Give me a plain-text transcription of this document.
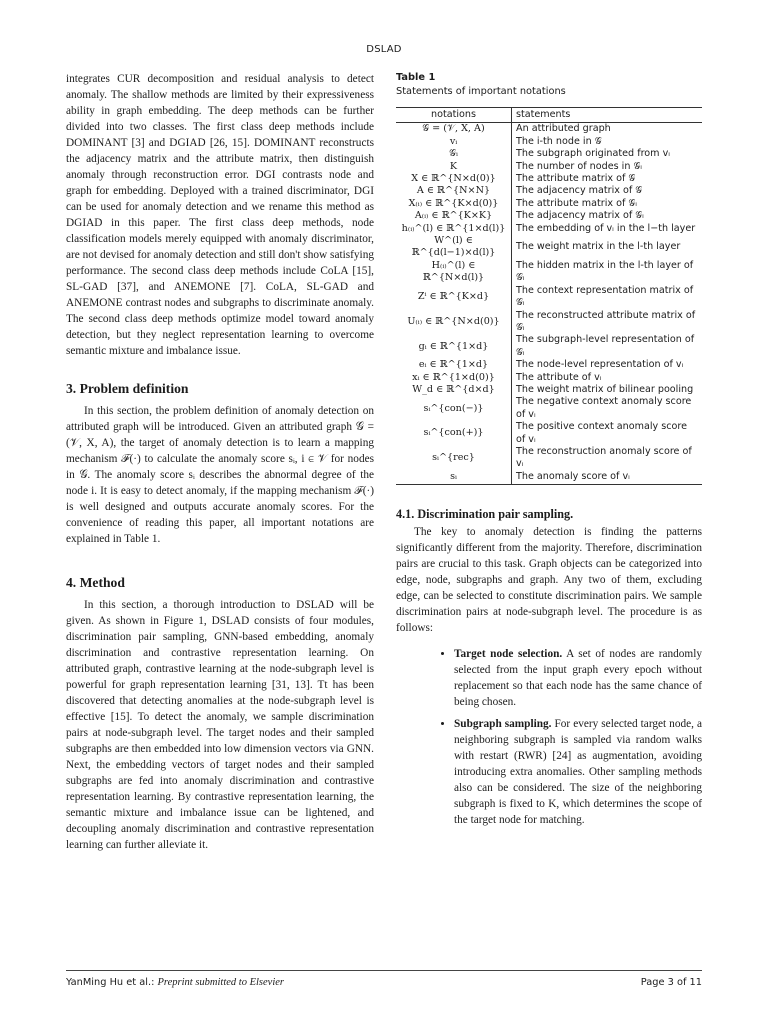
DSLAD

integrates CUR decomposition and residual analysis to detect anomaly. The shallow methods are limited by their expressiveness ability in graph embedding. The deep methods can be further divided into two classes. The first class deep methods include DOMINANT [3] and DGIAD [26, 15]. DOMINANT reconstructs the adjacency matrix and the attribute matrix, then distinguish anomaly through reconstruction error. DGI contrasts node and graph for embedding. Deployed with a trained discriminator, DGI can be used for anomaly detection and we rename this method as DGIAD in this paper. The first class deep methods, node classification models merely equipped with anomaly discriminator, are not devised for anomaly detection and still don't show satisfying performance. The second class deep methods include CoLA [15], SL-GAD [37], and ANEMONE [7]. CoLA, SL-GAD and ANEMONE contrast nodes and subgraphs to discriminate anomaly. The second class deep methods optimize model toward anomaly detection, but they neglect representation learning to overcome semantic mixture and imbalance issue.

3. Problem definition

In this section, the problem definition of anomaly detection on attributed graph will be introduced. Given an attributed graph 𝒢 = (𝒱, X, A), the target of anomaly detection is to learn a mapping mechanism ℱ(·) to calculate the anomaly score sᵢ, i ∈ 𝒱 for nodes in 𝒢. The anomaly score sᵢ describes the abnormal degree of the node i. It is easy to detect anomaly, if the mapping mechanism ℱ(·) is well designed and outputs accurate anomaly scores. For the convenience of reading this paper, all important notations are explained in Table 1.

4. Method

In this section, a thorough introduction to DSLAD will be given. As shown in Figure 1, DSLAD consists of four modules, discrimination pair sampling, GNN-based embedding, anomaly discrimination and contrastive representation learning. On attributed graph, contrastive learning at the node-subgraph level is powerful for graph representation learning [31, 13]. Tt has been discovered that detecting anomalies at the node-subgraph level is effective [15]. To detect the anomaly, we sample discrimination pairs at node-subgraph level. The target nodes and their sampled subgraphs are then embedded into low dimension vectors via GNN. Next, the embedding vectors of target nodes and their sampled subgraphs are fed into anomaly discrimination and contrastive representation learning. By contrastive representation learning, the semantic mixture and imbalance issue can be lightened, and decoupling anomaly discrimination and contrastive representation learning can further alleviate it.

Table 1

Statements of important notations

notations	statements
𝒢 = (𝒱, X, A)	An attributed graph
vᵢ	The i-th node in 𝒢
𝒢ᵢ	The subgraph originated from vᵢ
K	The number of nodes in 𝒢ᵢ
X ∈ ℝ^{N×d(0)}	The attribute matrix of 𝒢
A ∈ ℝ^{N×N}	The adjacency matrix of 𝒢
X₍ᵢ₎ ∈ ℝ^{K×d(0)}	The attribute matrix of 𝒢ᵢ
A₍ᵢ₎ ∈ ℝ^{K×K}	The adjacency matrix of 𝒢ᵢ
h₍ᵢ₎^(l) ∈ ℝ^{1×d(l)}	The embedding of vᵢ in the l−th layer
W^(l) ∈ ℝ^{d(l−1)×d(l)}	The weight matrix in the l-th layer
H₍ᵢ₎^(l) ∈ ℝ^{N×d(l)}	The hidden matrix in the l-th layer of 𝒢ᵢ
Zⁱ ∈ ℝ^{K×d}	The context representation matrix of 𝒢ᵢ
U₍ᵢ₎ ∈ ℝ^{N×d(0)}	The reconstructed attribute matrix of 𝒢ᵢ
gᵢ ∈ ℝ^{1×d}	The subgraph-level representation of 𝒢ᵢ
eᵢ ∈ ℝ^{1×d}	The node-level representation of vᵢ
xᵢ ∈ ℝ^{1×d(0)}	The attribute of vᵢ
W_d ∈ ℝ^{d×d}	The weight matrix of bilinear pooling
sᵢ^{con(−)}	The negative context anomaly score of vᵢ
sᵢ^{con(+)}	The positive context anomaly score of vᵢ
sᵢ^{rec}	The reconstruction anomaly score of vᵢ
sᵢ	The anomaly score of vᵢ
4.1. Discrimination pair sampling.

The key to anomaly detection is finding the patterns significantly different from the majority. Therefore, discrimination pairs are crucial to this task. Graph objects can be categorized into edge, node, subgraphs and graph. Any two of them, excluding edge, can be selected to constitute discrimination pairs. We sample discrimination pairs at node-subgraph level. The procedure is as follows:

• Target node selection. A set of nodes are randomly selected from the input graph every epoch without replacement so that each node has the same chance of being chosen.
• Subgraph sampling. For every selected target node, a neighboring subgraph is sampled via random walks with restart (RWR) [24] as augmentation, avoiding introducing extra anomalies. Other sampling methods also can be considered. The size of the neighboring subgraph is fixed to K, which determines the scope of the target node for matching.
YanMing Hu et al.: Preprint submitted to Elsevier	Page 3 of 11
